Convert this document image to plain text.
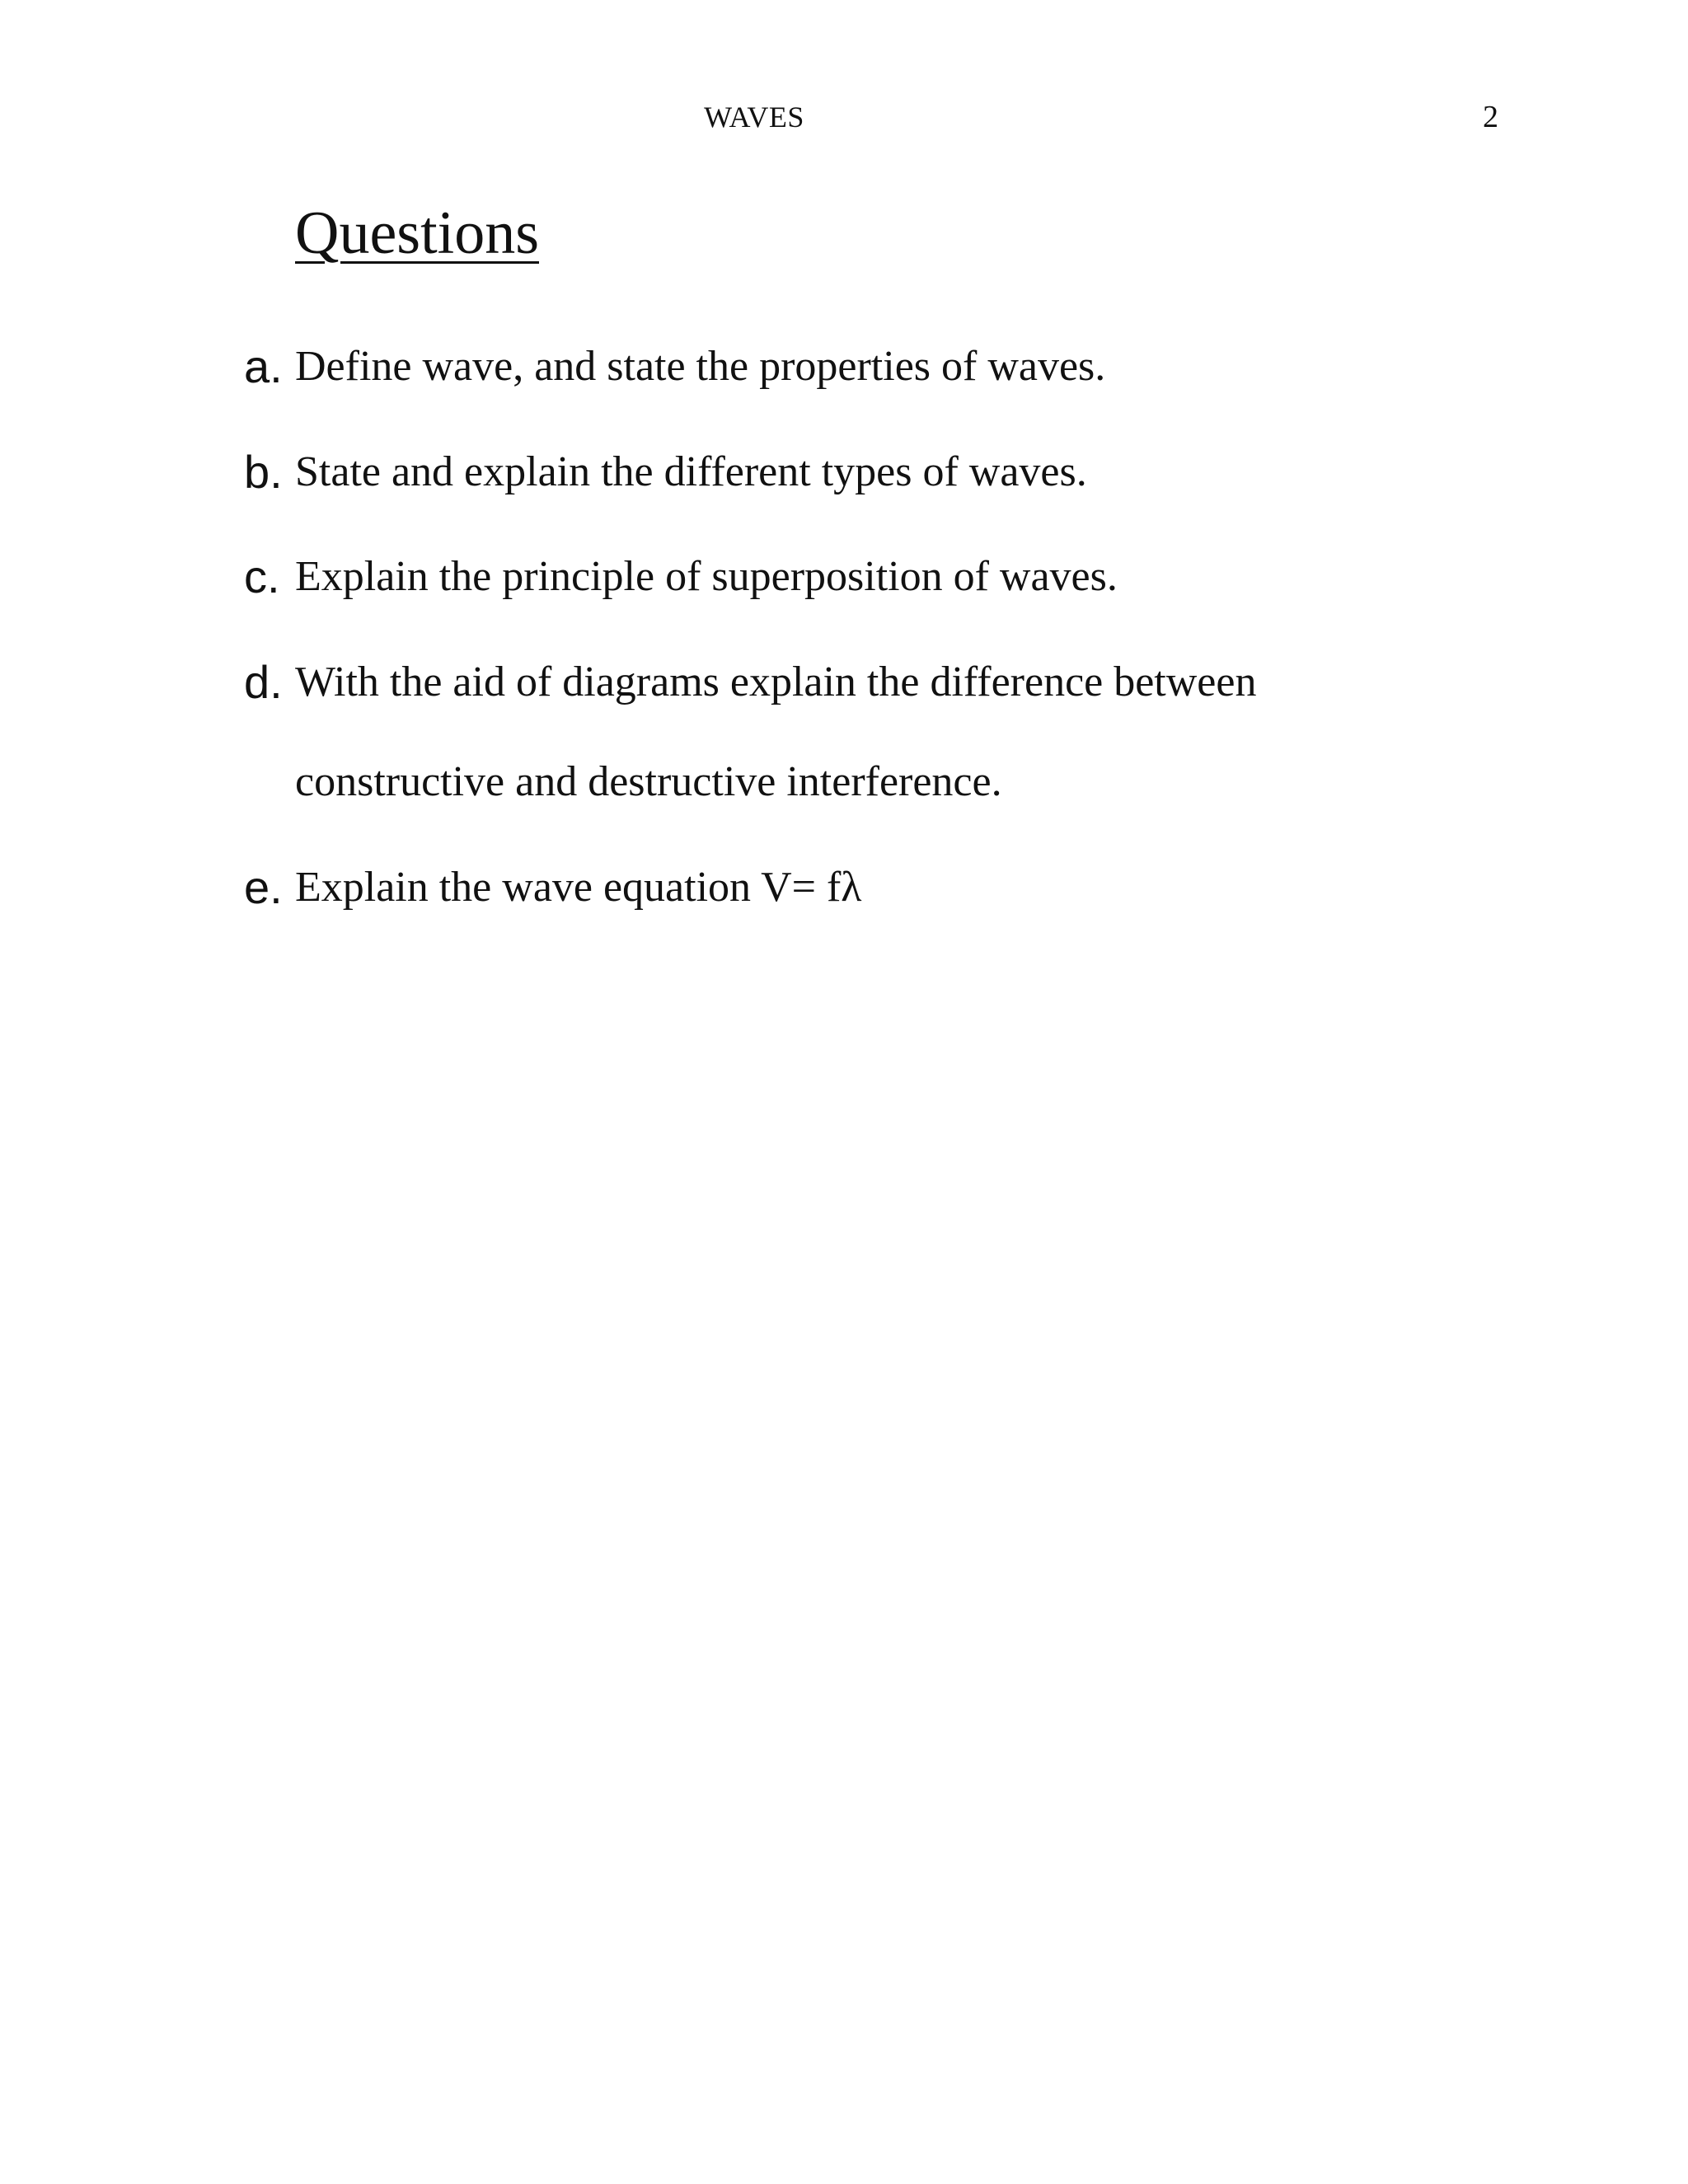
WAVES	2
Questions
a. Define wave, and state the properties of waves.
b. State and explain the different types of waves.
c. Explain the principle of superposition of waves.
d. With the aid of diagrams explain the difference between
constructive and destructive interference.
e. Explain the wave equation V= fλ
